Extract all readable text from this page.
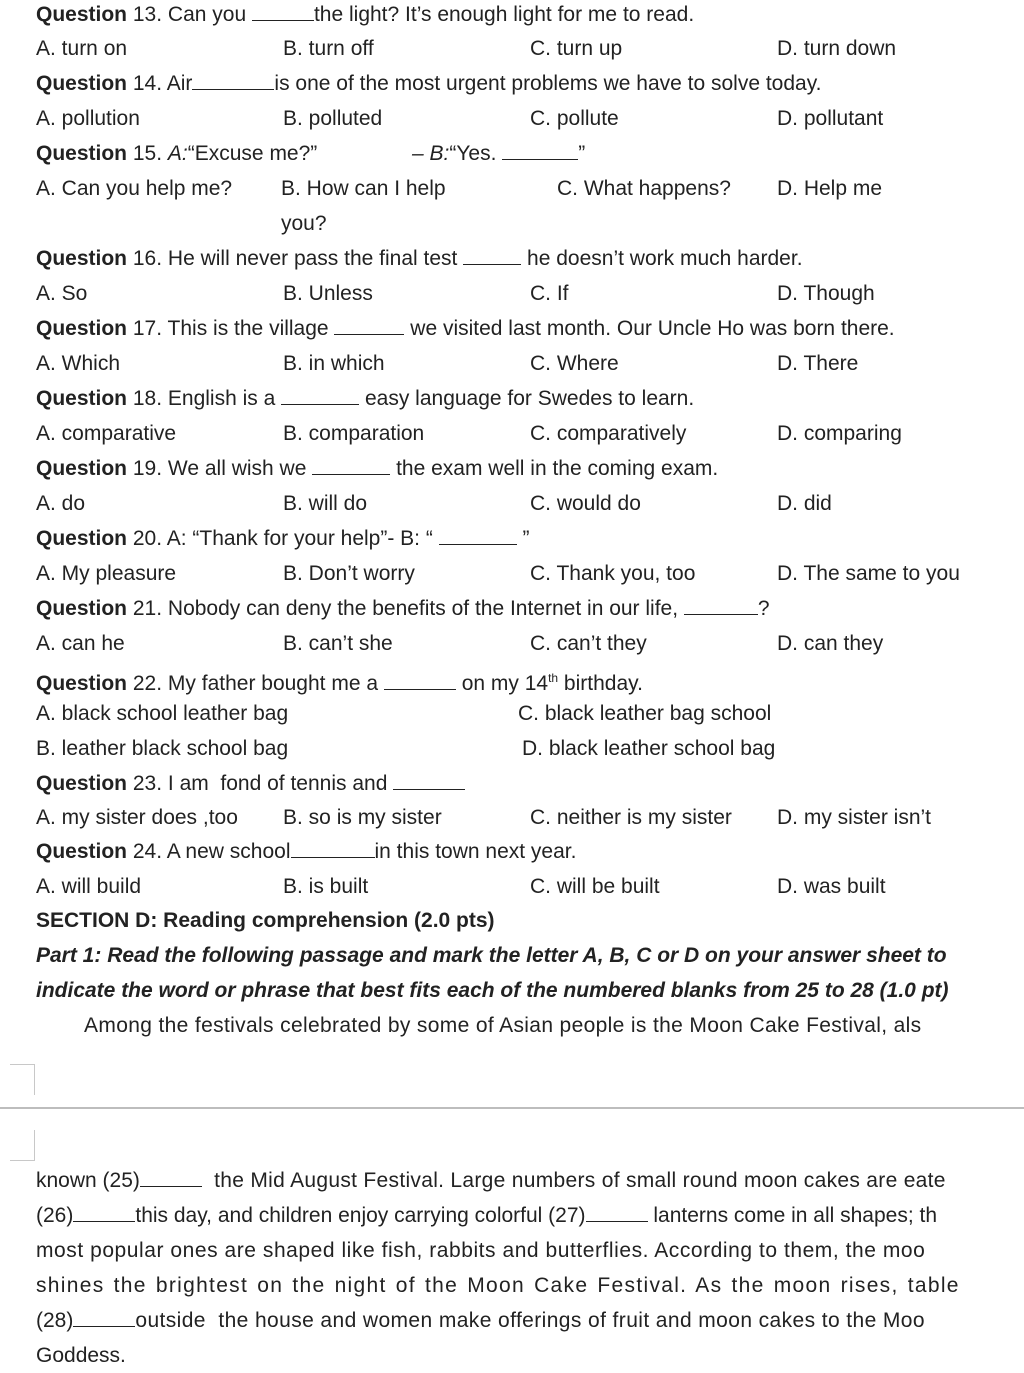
Question 13. Can you	the light? It’s enough light for me to read.
A. turn on	B. turn off	C. turn up	D. turn down
Question 14. Air	is one of the most urgent problems we have to solve today.
A. pollution	B. polluted	C. pollute	D. pollutant
Question 15. A:“Excuse me?”	– B:“Yes.	”
A. Can you help me? B. How can I help	C. What happens? D. Help me
you?
Question 16. He will never pass the final test	he doesn’t work much harder.
A. So	B. Unless	C. If	D. Though
Question 17. This is the village	we visited last month. Our Uncle Ho was born there.
A. Which	B. in which	C. Where	D. There
Question 18. English is a	easy language for Swedes to learn.
A. comparative	B. comparation	C. comparatively	D. comparing
Question 19. We all wish we	the exam well in the coming exam.
A. do	B. will do	C. would do	D. did
Question 20. A: “Thank for your help”- B: “	”
A. My pleasure	B. Don’t worry	C. Thank you, too	D. The same to you
Question 21. Nobody can deny the benefits of the Internet in our life,	?
A. can he	B. can’t she	C. can’t they	D. can they
Question 22. My father bought me a	on my 14th birthday.
A. black school leather bag	C. black leather bag school
B. leather black school bag	D. black leather school bag
Question 23. I am  fond of tennis and
A. my sister does ,too B. so is my sister	C. neither is my sister D. my sister isn’t
Question 24. A new school	in this town next year.
A. will build	B. is built	C. will be built	D. was built
SECTION D: Reading comprehension (2.0 pts)
Part 1: Read the following passage and mark the letter A, B, C or D on your answer sheet to
indicate the word or phrase that best fits each of the numbered blanks from 25 to 28 (1.0 pt)
Among the festivals celebrated by some of Asian people is the Moon Cake Festival, als
known (25)	the Mid August Festival. Large numbers of small round moon cakes are eate
(26)	this day, and children enjoy carrying colorful (27)	lanterns come in all shapes; th
most popular ones are shaped like fish, rabbits and butterflies. According to them, the moo
shines the brightest on the night of the Moon Cake Festival. As the moon rises, table
(28)	outside  the house and women make offerings of fruit and moon cakes to the Moo
Goddess.
